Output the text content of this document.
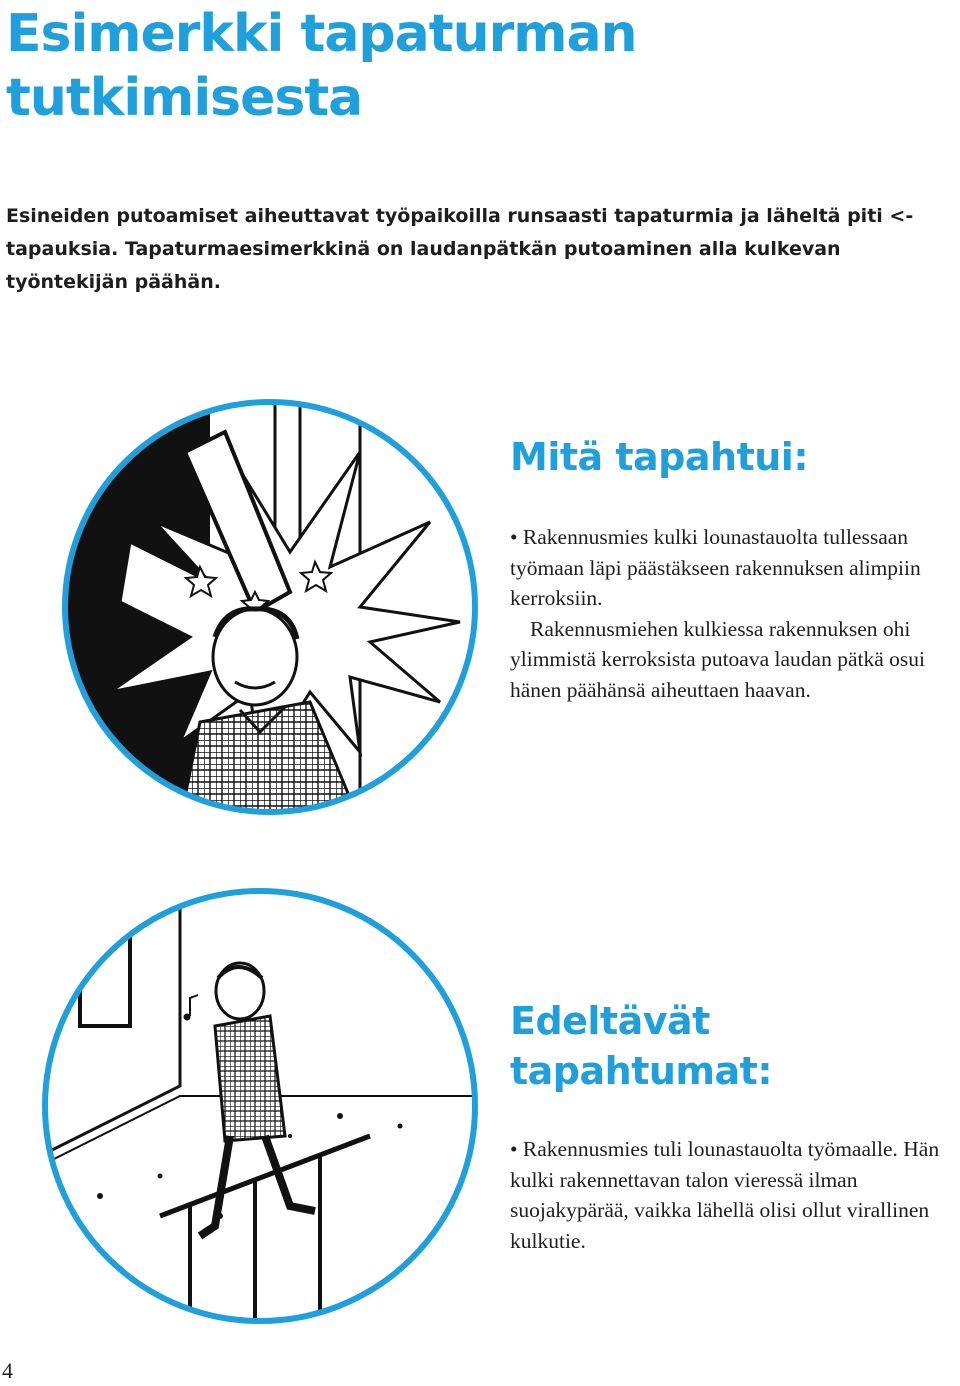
Esimerkki tapaturman tutkimisesta

Esineiden putoamiset aiheuttavat työpaikoilla runsaasti tapaturmia ja läheltä piti <-tapauksia. Tapaturmaesimerkkinä on laudanpätkän putoaminen alla kulkevan työntekijän päähän.

Mitä tapahtui:

• Rakennusmies kulki lounastauolta tullessaan työmaan läpi päästäkseen rakennuksen alimpiin kerroksiin.

Rakennusmiehen kulkiessa rakennuksen ohi ylimmistä kerroksista putoava laudan pätkä osui hänen päähänsä aiheuttaen haavan.

Edeltävät tapahtumat:

• Rakennusmies tuli lounastauolta työmaalle. Hän kulki rakennettavan talon vieressä ilman suojakypärää, vaikka lähellä olisi ollut virallinen kulkutie.

4
